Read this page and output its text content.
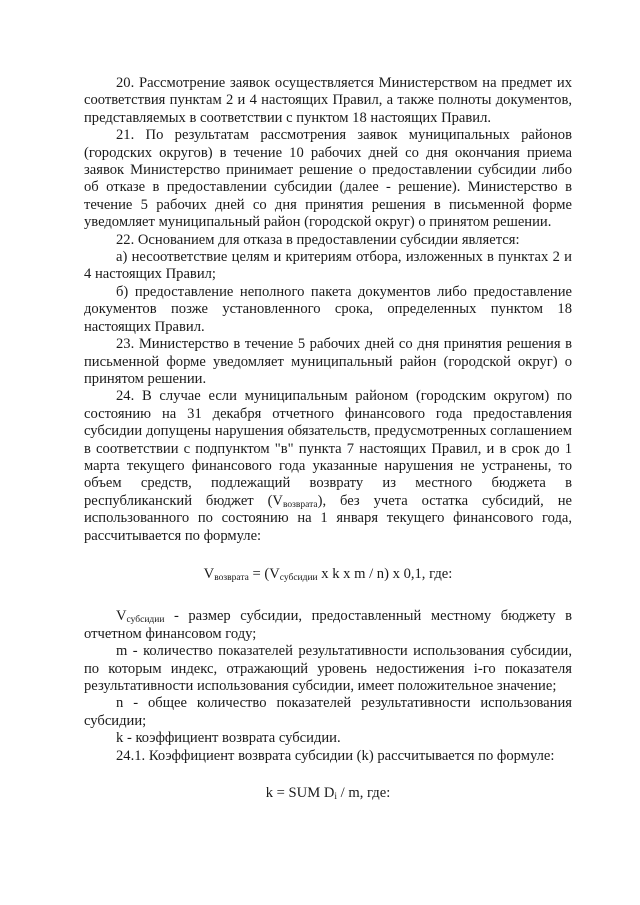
20. Рассмотрение заявок осуществляется Министерством на предмет их соответствия пунктам 2 и 4 настоящих Правил, а также полноты документов, представляемых в соответствии с пунктом 18 настоящих Правил.

21. По результатам рассмотрения заявок муниципальных районов (городских округов) в течение 10 рабочих дней со дня окончания приема заявок Министерство принимает решение о предоставлении субсидии либо об отказе в предоставлении субсидии (далее - решение). Министерство в течение 5 рабочих дней со дня принятия решения в письменной форме уведомляет муниципальный район (городской округ) о принятом решении.

22. Основанием для отказа в предоставлении субсидии является:

а) несоответствие целям и критериям отбора, изложенных в пунктах 2 и 4 настоящих Правил;

б) предоставление неполного пакета документов либо предоставление документов позже установленного срока, определенных пунктом 18 настоящих Правил.

23. Министерство в течение 5 рабочих дней со дня принятия решения в письменной форме уведомляет муниципальный район (городской округ) о принятом решении.

24. В случае если муниципальным районом (городским округом) по состоянию на 31 декабря отчетного финансового года предоставления субсидии допущены нарушения обязательств, предусмотренных соглашением в соответствии с подпунктом "в" пункта 7 настоящих Правил, и в срок до 1 марта текущего финансового года указанные нарушения не устранены, то объем средств, подлежащий возврату из местного бюджета в республиканский бюджет $(V_{возврата})$, без учета остатка субсидий, не использованного по состоянию на 1 января текущего финансового года, рассчитывается по формуле:

$V_{возврата} = (V_{субсидии}$ x k x m / n) x 0,1, где:

$V_{субсидии}$ - размер субсидии, предоставленный местному бюджету в отчетном финансовом году;

m - количество показателей результативности использования субсидии, по которым индекс, отражающий уровень недостижения i-го показателя результативности использования субсидии, имеет положительное значение;

n - общее количество показателей результативности использования субсидии;

k - коэффициент возврата субсидии.

24.1. Коэффициент возврата субсидии (k) рассчитывается по формуле:

k = SUM $D_i$ / m, где:
